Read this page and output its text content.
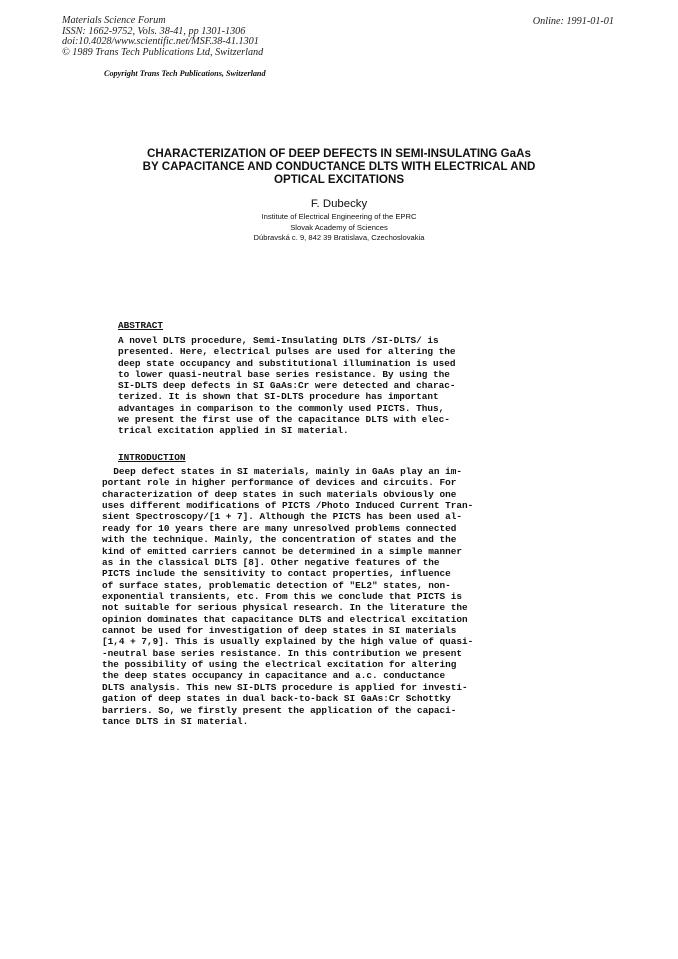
Materials Science Forum
ISSN: 1662-9752, Vols. 38-41, pp 1301-1306
doi:10.4028/www.scientific.net/MSF.38-41.1301
© 1989 Trans Tech Publications Ltd, Switzerland
Online: 1991-01-01
Copyright Trans Tech Publications, Switzerland
CHARACTERIZATION OF DEEP DEFECTS IN SEMI-INSULATING GaAs
BY CAPACITANCE AND CONDUCTANCE DLTS WITH ELECTRICAL AND
OPTICAL EXCITATIONS
F. Dubecky
Institute of Electrical Engineering of the EPRC
Slovak Academy of Sciences
Dúbravská c. 9, 842 39 Bratislava, Czechoslovakia
ABSTRACT
A novel DLTS procedure, Semi-Insulating DLTS /SI-DLTS/ is
presented. Here, electrical pulses are used for altering the
deep state occupancy and substitutional illumination is used
to lower quasi-neutral base series resistance. By using the
SI-DLTS deep defects in SI GaAs:Cr were detected and charac-
terized. It is shown that SI-DLTS procedure has important
advantages in comparison to the commonly used PICTS. Thus,
we present the first use of the capacitance DLTS with elec-
trical excitation applied in SI material.
INTRODUCTION
Deep defect states in SI materials, mainly in GaAs play an im-
portant role in higher performance of devices and circuits. For
characterization of deep states in such materials obviously one
uses different modifications of PICTS /Photo Induced Current Tran-
sient Spectroscopy/[1 + 7]. Although the PICTS has been used al-
ready for 10 years there are many unresolved problems connected
with the technique. Mainly, the concentration of states and the
kind of emitted carriers cannot be determined in a simple manner
as in the classical DLTS [8]. Other negative features of the
PICTS include the sensitivity to contact properties, influence
of surface states, problematic detection of "EL2" states, non-
exponential transients, etc. From this we conclude that PICTS is
not suitable for serious physical research. In the literature the
opinion dominates that capacitance DLTS and electrical excitation
cannot be used for investigation of deep states in SI materials
[1,4 + 7,9]. This is usually explained by the high value of quasi-
-neutral base series resistance. In this contribution we present
the possibility of using the electrical excitation for altering
the deep states occupancy in capacitance and a.c. conductance
DLTS analysis. This new SI-DLTS procedure is applied for investi-
gation of deep states in dual back-to-back SI GaAs:Cr Schottky
barriers. So, we firstly present the application of the capaci-
tance DLTS in SI material.
